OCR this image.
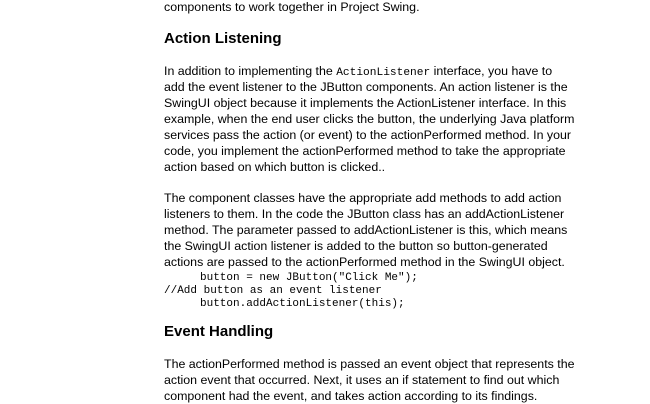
components to work together in Project Swing.
Action Listening
In addition to implementing the ActionListener interface, you have to
add the event listener to the JButton components. An action listener is the
SwingUI object because it implements the ActionListener interface. In this
example, when the end user clicks the button, the underlying Java platform
services pass the action (or event) to the actionPerformed method. In your
code, you implement the actionPerformed method to take the appropriate
action based on which button is clicked..
The component classes have the appropriate add methods to add action
listeners to them. In the code the JButton class has an addActionListener
method. The parameter passed to addActionListener is this, which means
the SwingUI action listener is added to the button so button-generated
actions are passed to the actionPerformed method in the SwingUI object.
button = new JButton("Click Me");
//Add button as an event listener
button.addActionListener(this);
Event Handling
The actionPerformed method is passed an event object that represents the
action event that occurred. Next, it uses an if statement to find out which
component had the event, and takes action according to its findings.
